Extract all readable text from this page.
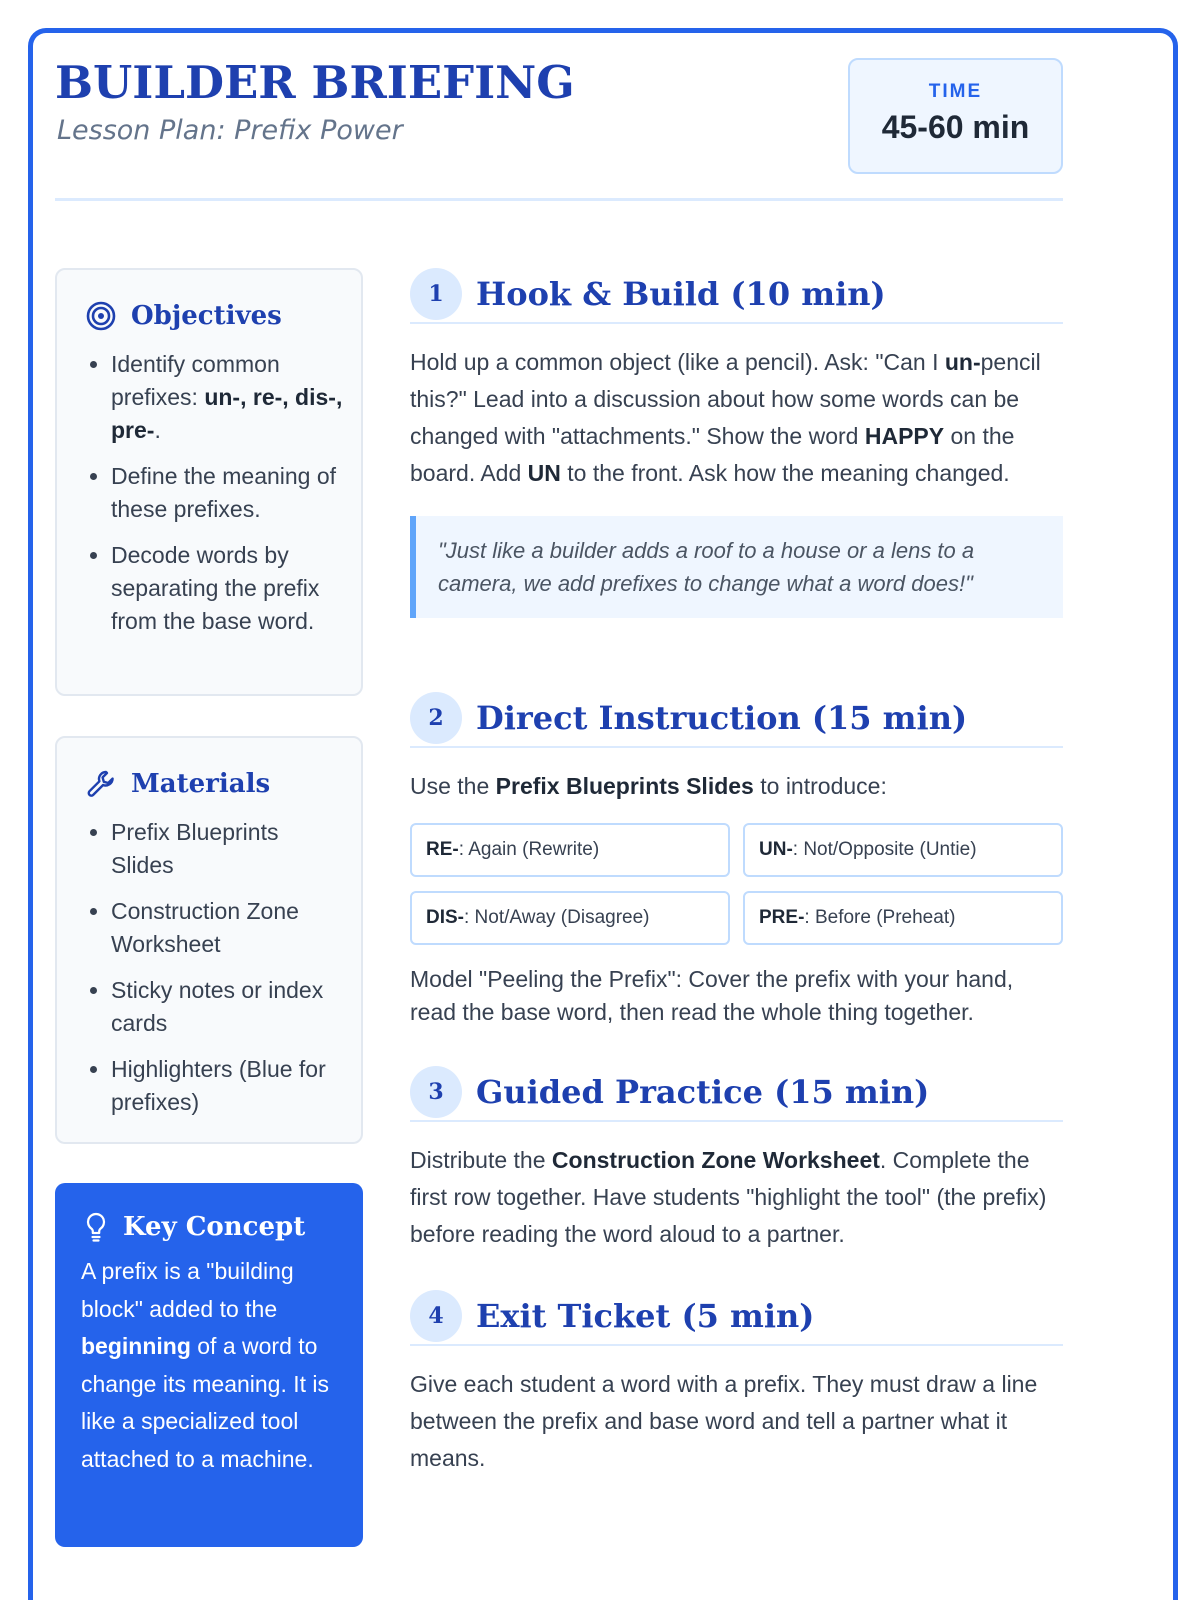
BUILDER BRIEFING
Lesson Plan: Prefix Power
TIME
45-60 min
Objectives
• Identify common prefixes: un-, re-, dis-, pre-.
• Define the meaning of these prefixes.
• Decode words by separating the prefix from the base word.
Materials
• Prefix Blueprints Slides
• Construction Zone Worksheet
• Sticky notes or index cards
• Highlighters (Blue for prefixes)
Key Concept

A prefix is a "building block" added to the beginning of a word to change its meaning. It is like a specialized tool attached to a machine.

1	Hook & Build (10 min)

Hold up a common object (like a pencil). Ask: "Can I un-pencil this?" Lead into a discussion about how some words can be changed with "attachments." Show the word HAPPY on the board. Add UN to the front. Ask how the meaning changed.

"Just like a builder adds a roof to a house or a lens to a camera, we add prefixes to change what a word does!"
2	Direct Instruction (15 min)

Use the Prefix Blueprints Slides to introduce:

RE-: Again (Rewrite)	UN-: Not/Opposite (Untie)
DIS-: Not/Away (Disagree)	PRE-: Before (Preheat)

Model "Peeling the Prefix": Cover the prefix with your hand, read the base word, then read the whole thing together.

3	Guided Practice (15 min)

Distribute the Construction Zone Worksheet. Complete the first row together. Have students "highlight the tool" (the prefix) before reading the word aloud to a partner.

4	Exit Ticket (5 min)

Give each student a word with a prefix. They must draw a line between the prefix and base word and tell a partner what it means.
